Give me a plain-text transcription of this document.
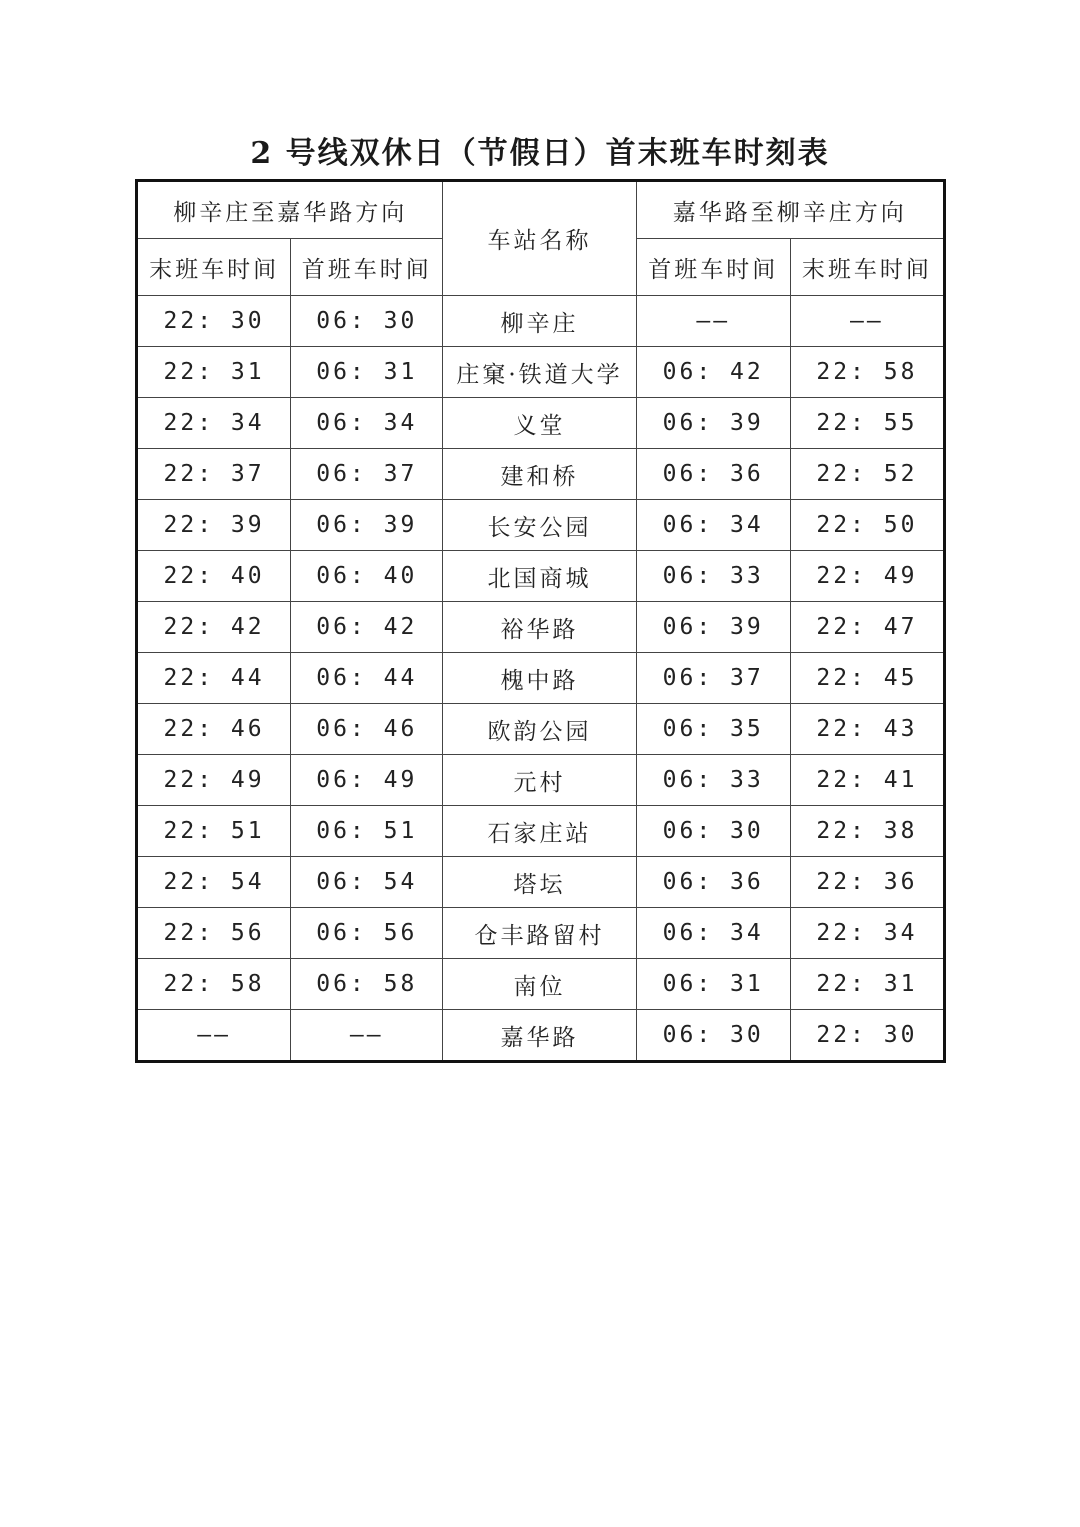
2 号线双休日（节假日）首末班车时刻表
柳辛庄至嘉华路方向		车站名称	嘉华路至柳辛庄方向	
末班车时间	首班车时间		首班车时间	末班车时间
22: 30	06: 30	柳辛庄	——	——
22: 31	06: 31	庄窠·铁道大学	06: 42	22: 58
22: 34	06: 34	义堂	06: 39	22: 55
22: 37	06: 37	建和桥	06: 36	22: 52
22: 39	06: 39	长安公园	06: 34	22: 50
22: 40	06: 40	北国商城	06: 33	22: 49
22: 42	06: 42	裕华路	06: 39	22: 47
22: 44	06: 44	槐中路	06: 37	22: 45
22: 46	06: 46	欧韵公园	06: 35	22: 43
22: 49	06: 49	元村	06: 33	22: 41
22: 51	06: 51	石家庄站	06: 30	22: 38
22: 54	06: 54	塔坛	06: 36	22: 36
22: 56	06: 56	仓丰路留村	06: 34	22: 34
22: 58	06: 58	南位	06: 31	22: 31
——	——	嘉华路	06: 30	22: 30
